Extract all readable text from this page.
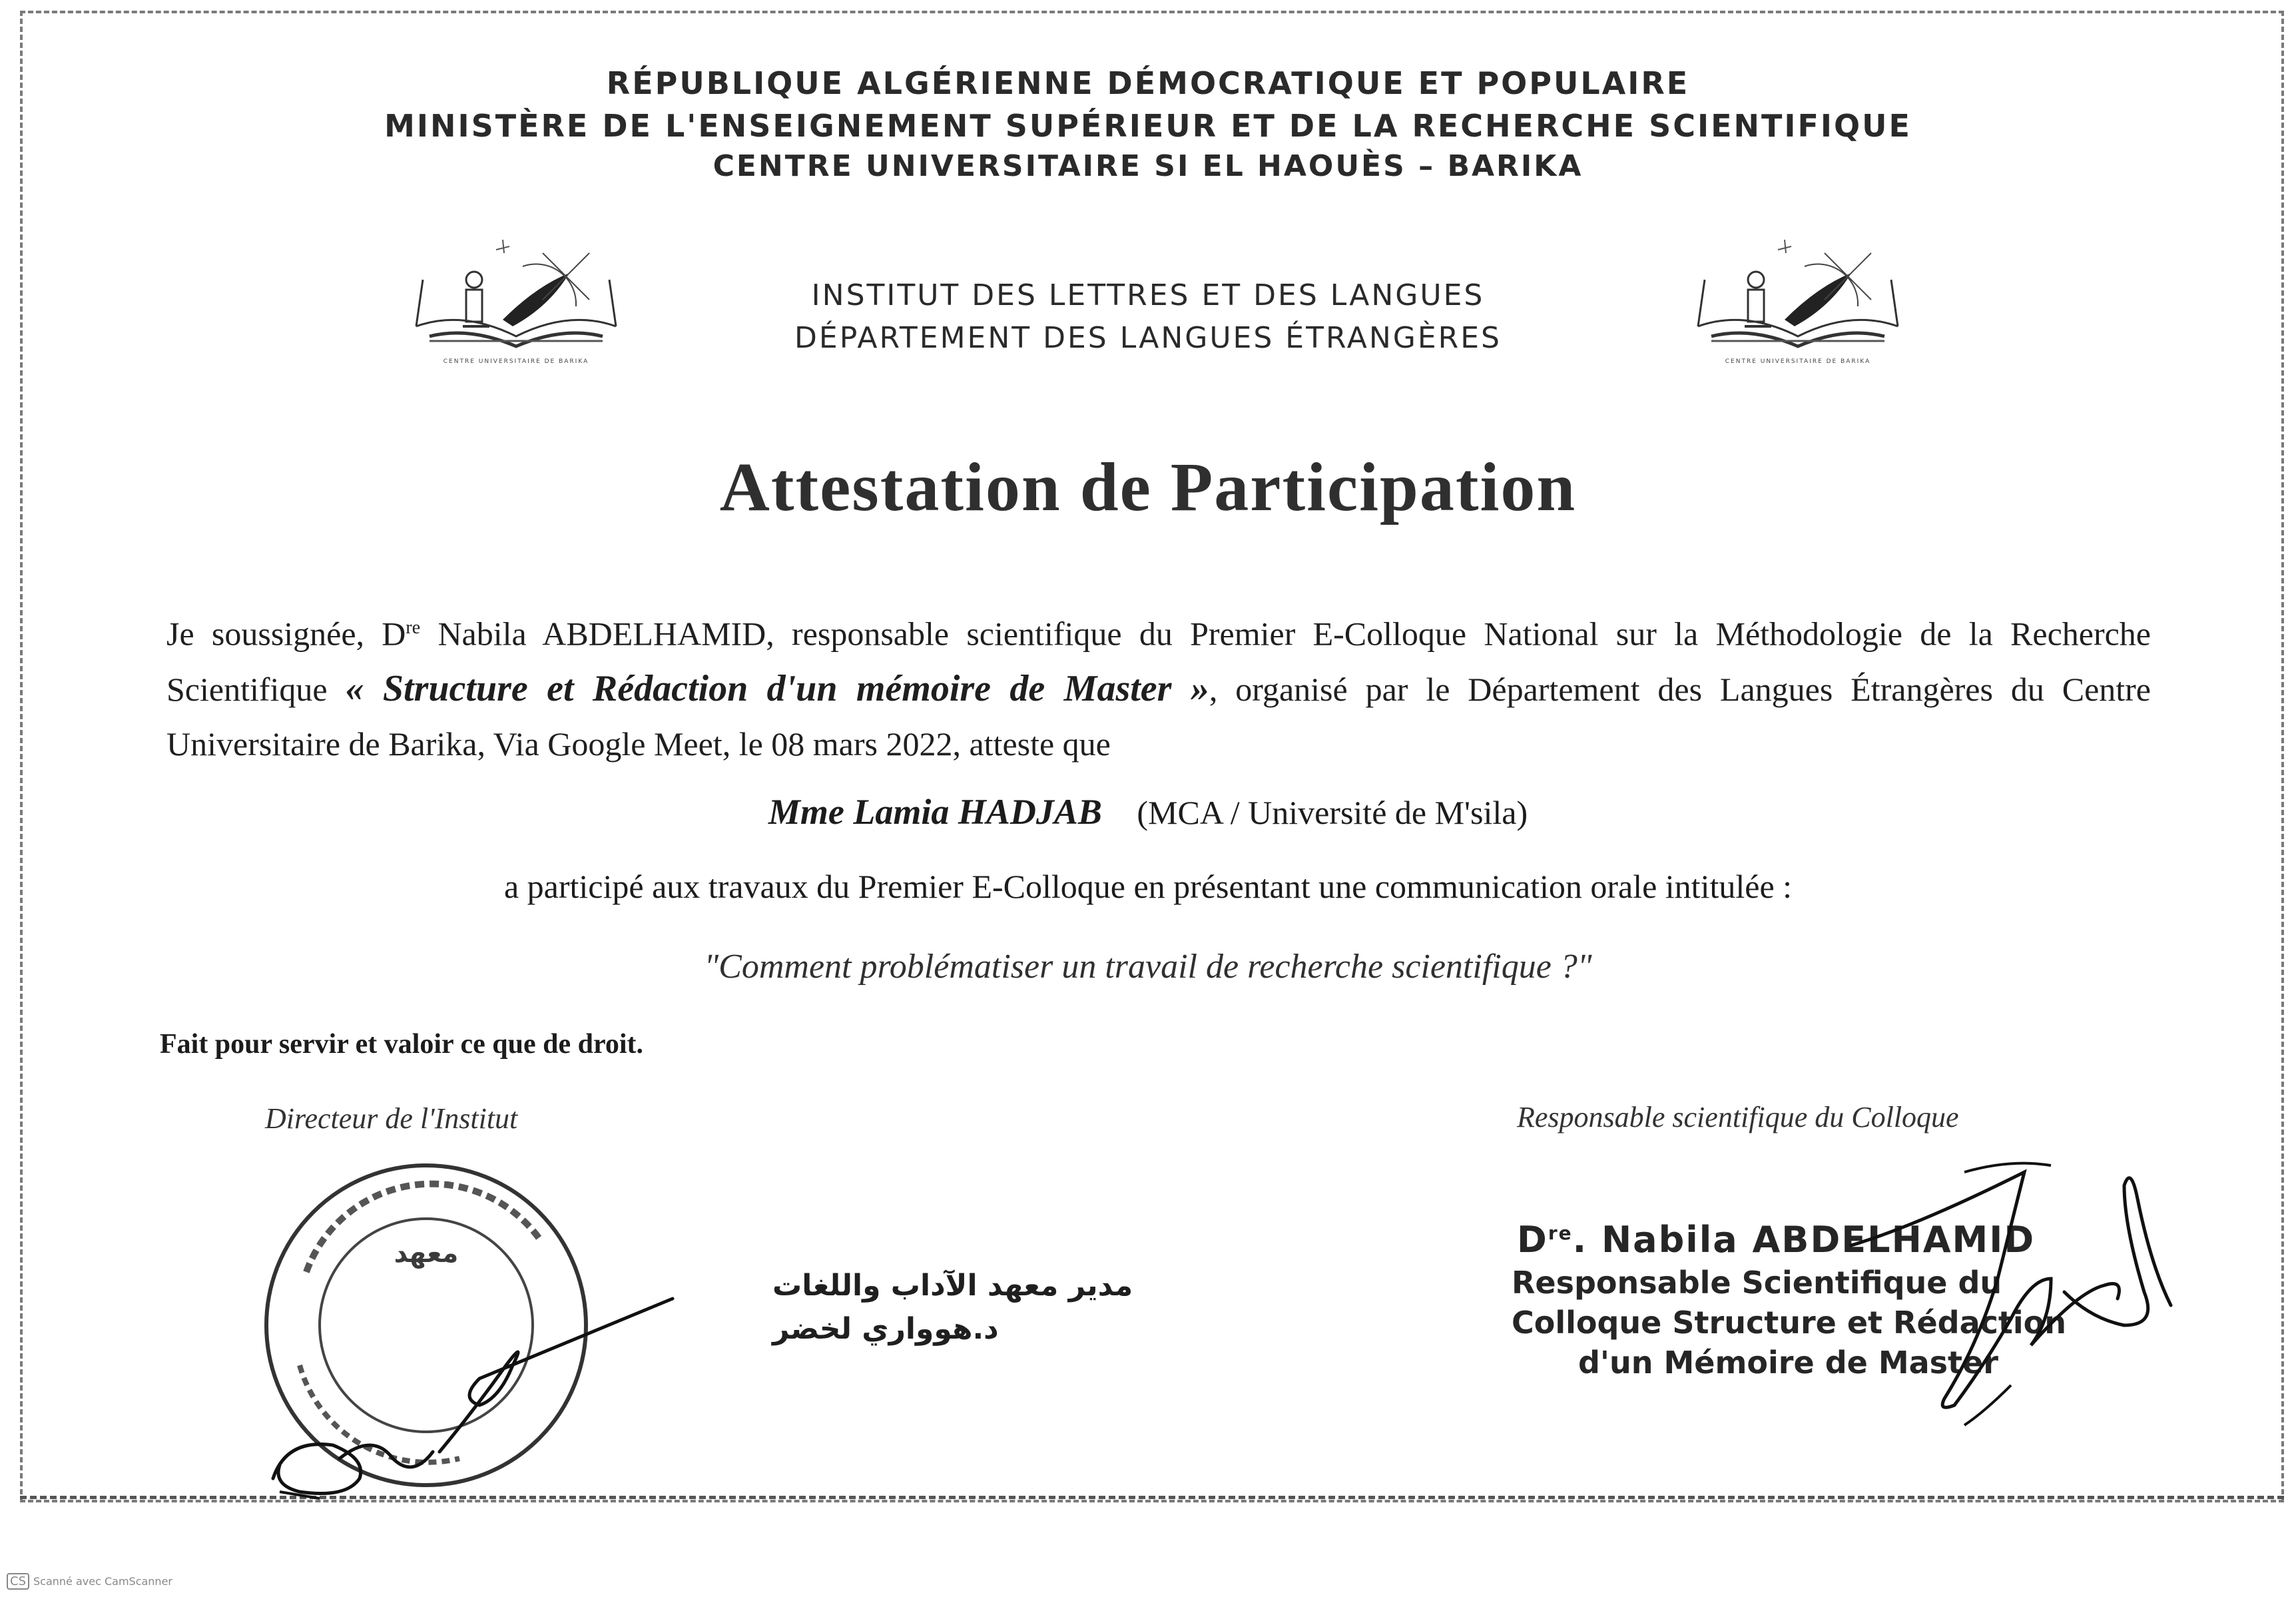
RÉPUBLIQUE ALGÉRIENNE DÉMOCRATIQUE ET POPULAIRE
MINISTÈRE DE L'ENSEIGNEMENT SUPÉRIEUR ET DE LA RECHERCHE SCIENTIFIQUE
CENTRE UNIVERSITAIRE SI EL HAOUÈS – BARIKA
INSTITUT DES LETTRES ET DES LANGUES
DÉPARTEMENT DES LANGUES ÉTRANGÈRES
CENTRE UNIVERSITAIRE DE BARIKA	CENTRE UNIVERSITAIRE DE BARIKA
Attestation de Participation
Je soussignée, Dre Nabila ABDELHAMID, responsable scientifique du Premier E-Colloque National sur la Méthodologie de la Recherche Scientifique « Structure et Rédaction d'un mémoire de Master », organisé par le Département des Langues Étrangères du Centre Universitaire de Barika, Via Google Meet, le 08 mars 2022, atteste que
Mme Lamia HADJAB (MCA / Université de M'sila)
a participé aux travaux du Premier E-Colloque en présentant une communication orale intitulée :
"Comment problématiser un travail de recherche scientifique ?"
Fait pour servir et valoir ce que de droit.
Directeur de l'Institut	Responsable scientifique du Colloque
معهد
مدير معهد الآداب واللغات
د.هوواري لخضر
Dre. Nabila ABDELHAMID
Responsable Scientifique du
Colloque Structure et Rédaction
d'un Mémoire de Master
CS Scanné avec CamScanner
